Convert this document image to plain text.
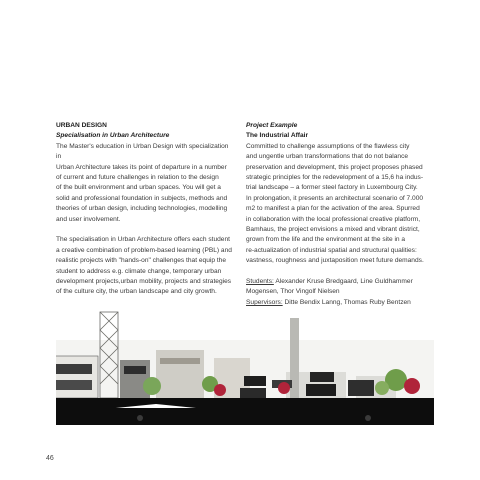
URBAN DESIGN
Specialisation in Urban Architecture
The Master's education in Urban Design with specialization in
Urban Architecture takes its point of departure in a number
of current and future challenges in relation to the design
of the built environment and urban spaces. You will get a
solid and professional foundation in subjects, methods and
theories of urban design, including technologies, modelling
and user involvement.
The specialisation in Urban Architecture offers each student
a creative combination of problem-based learning (PBL) and
realistic projects with "hands-on" challenges that equip the
student to address e.g. climate change, temporary urban
development projects,urban mobility, projects and strategies
of the culture city, the urban landscape and city growth.
Project Example
The Industrial Affair
Committed to challenge assumptions of the flawless city
and ungentle urban transformations that do not balance
preservation and development, this project proposes phased
strategic principles for the redevelopment of a 15,6 ha indus-
trial landscape – a former steel factory in Luxembourg City.
In prolongation, it presents an architectural scenario of 7.000
m2 to manifest a plan for the activation of the area. Spurred
in collaboration with the local professional creative platform,
Bamhaus, the project envisions a mixed and vibrant district,
grown from the life and the environment at the site in a
re-actualization of industrial spatial and structural qualities:
vastness, roughness and juxtaposition meet future demands.
Students: Alexander Kruse Bredgaard, Line Guldhammer
Mogensen, Thor Vingolf Nielsen
Supervisors: Ditte Bendix Lanng, Thomas Ruby Bentzen
46
